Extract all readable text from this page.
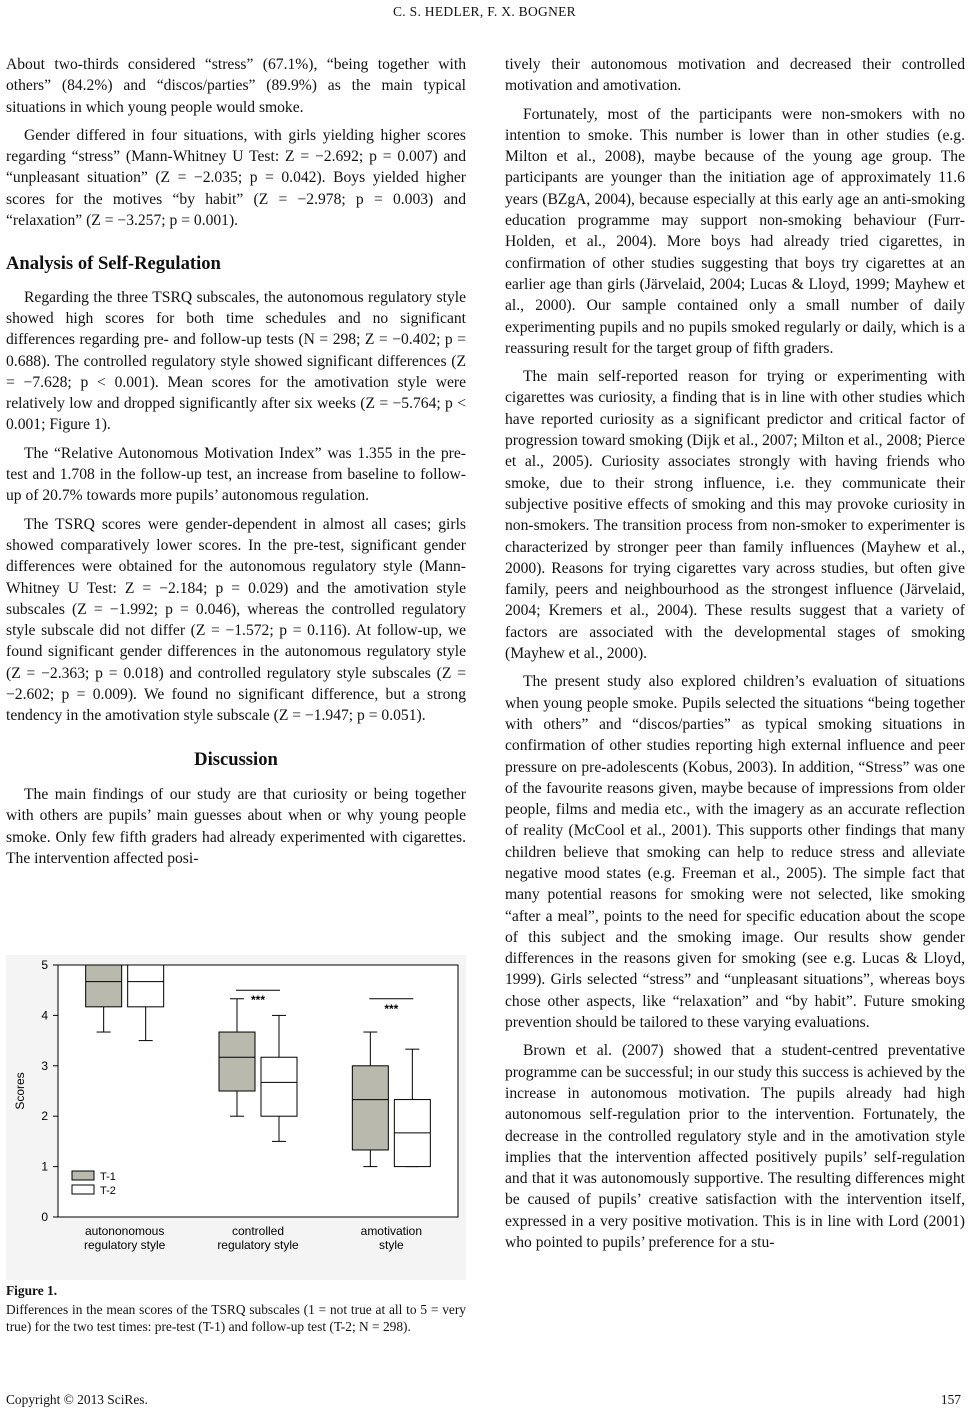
C. S. HEDLER, F. X. BOGNER

About two-thirds considered “stress” (67.1%), “being together with others” (84.2%) and “discos/parties” (89.9%) as the main typical situations in which young people would smoke.

Gender differed in four situations, with girls yielding higher scores regarding “stress” (Mann-Whitney U Test: Z = −2.692; p = 0.007) and “unpleasant situation” (Z = −2.035; p = 0.042). Boys yielded higher scores for the motives “by habit” (Z = −2.978; p = 0.003) and “relaxation” (Z = −3.257; p = 0.001).

Analysis of Self-Regulation

Regarding the three TSRQ subscales, the autonomous regulatory style showed high scores for both time schedules and no significant differences regarding pre- and follow-up tests (N = 298; Z = −0.402; p = 0.688). The controlled regulatory style showed significant differences (Z = −7.628; p < 0.001). Mean scores for the amotivation style were relatively low and dropped significantly after six weeks (Z = −5.764; p < 0.001; Figure 1).

The “Relative Autonomous Motivation Index” was 1.355 in the pre-test and 1.708 in the follow-up test, an increase from baseline to follow-up of 20.7% towards more pupils’ autonomous regulation.

The TSRQ scores were gender-dependent in almost all cases; girls showed comparatively lower scores. In the pre-test, significant gender differences were obtained for the autonomous regulatory style (Mann-Whitney U Test: Z = −2.184; p = 0.029) and the amotivation style subscales (Z = −1.992; p = 0.046), whereas the controlled regulatory style subscale did not differ (Z = −1.572; p = 0.116). At follow-up, we found significant gender differences in the autonomous regulatory style (Z = −2.363; p = 0.018) and controlled regulatory style subscales (Z = −2.602; p = 0.009). We found no significant difference, but a strong tendency in the amotivation style subscale (Z = −1.947; p = 0.051).

Discussion

The main findings of our study are that curiosity or being together with others are pupils’ main guesses about when or why young people smoke. Only few fifth graders had already experimented with cigarettes. The intervention affected posi-

0
1
2
3
4
5
Scores
autononomous
regulatory style
controlled
regulatory style
amotivation
style
***
***
T-1
T-2
Figure 1.
Differences in the mean scores of the TSRQ subscales (1 = not true at all to 5 = very true) for the two test times: pre-test (T-1) and follow-up test (T-2; N = 298).

tively their autonomous motivation and decreased their controlled motivation and amotivation.

Fortunately, most of the participants were non-smokers with no intention to smoke. This number is lower than in other studies (e.g. Milton et al., 2008), maybe because of the young age group. The participants are younger than the initiation age of approximately 11.6 years (BZgA, 2004), because especially at this early age an anti-smoking education programme may support non-smoking behaviour (Furr-Holden, et al., 2004). More boys had already tried cigarettes, in confirmation of other studies suggesting that boys try cigarettes at an earlier age than girls (Järvelaid, 2004; Lucas & Lloyd, 1999; Mayhew et al., 2000). Our sample contained only a small number of daily experimenting pupils and no pupils smoked regularly or daily, which is a reassuring result for the target group of fifth graders.

The main self-reported reason for trying or experimenting with cigarettes was curiosity, a finding that is in line with other studies which have reported curiosity as a significant predictor and critical factor of progression toward smoking (Dijk et al., 2007; Milton et al., 2008; Pierce et al., 2005). Curiosity associates strongly with having friends who smoke, due to their strong influence, i.e. they communicate their subjective positive effects of smoking and this may provoke curiosity in non-smokers. The transition process from non-smoker to experimenter is characterized by stronger peer than family influences (Mayhew et al., 2000). Reasons for trying cigarettes vary across studies, but often give family, peers and neighbourhood as the strongest influence (Järvelaid, 2004; Kremers et al., 2004). These results suggest that a variety of factors are associated with the developmental stages of smoking (Mayhew et al., 2000).

The present study also explored children’s evaluation of situations when young people smoke. Pupils selected the situations “being together with others” and “discos/parties” as typical smoking situations in confirmation of other studies reporting high external influence and peer pressure on pre-adolescents (Kobus, 2003). In addition, “Stress” was one of the favourite reasons given, maybe because of impressions from older people, films and media etc., with the imagery as an accurate reflection of reality (McCool et al., 2001). This supports other findings that many children believe that smoking can help to reduce stress and alleviate negative mood states (e.g. Freeman et al., 2005). The simple fact that many potential reasons for smoking were not selected, like smoking “after a meal”, points to the need for specific education about the scope of this subject and the smoking image. Our results show gender differences in the reasons given for smoking (see e.g. Lucas & Lloyd, 1999). Girls selected “stress” and “unpleasant situations”, whereas boys chose other aspects, like “relaxation” and “by habit”. Future smoking prevention should be tailored to these varying evaluations.

Brown et al. (2007) showed that a student-centred preventative programme can be successful; in our study this success is achieved by the increase in autonomous motivation. The pupils already had high autonomous self-regulation prior to the intervention. Fortunately, the decrease in the controlled regulatory style and in the amotivation style implies that the intervention affected positively pupils’ self-regulation and that it was autonomously supportive. The resulting differences might be caused of pupils’ creative satisfaction with the intervention itself, expressed in a very positive motivation. This is in line with Lord (2001) who pointed to pupils’ preference for a stu-

Copyright © 2013 SciRes.	157
